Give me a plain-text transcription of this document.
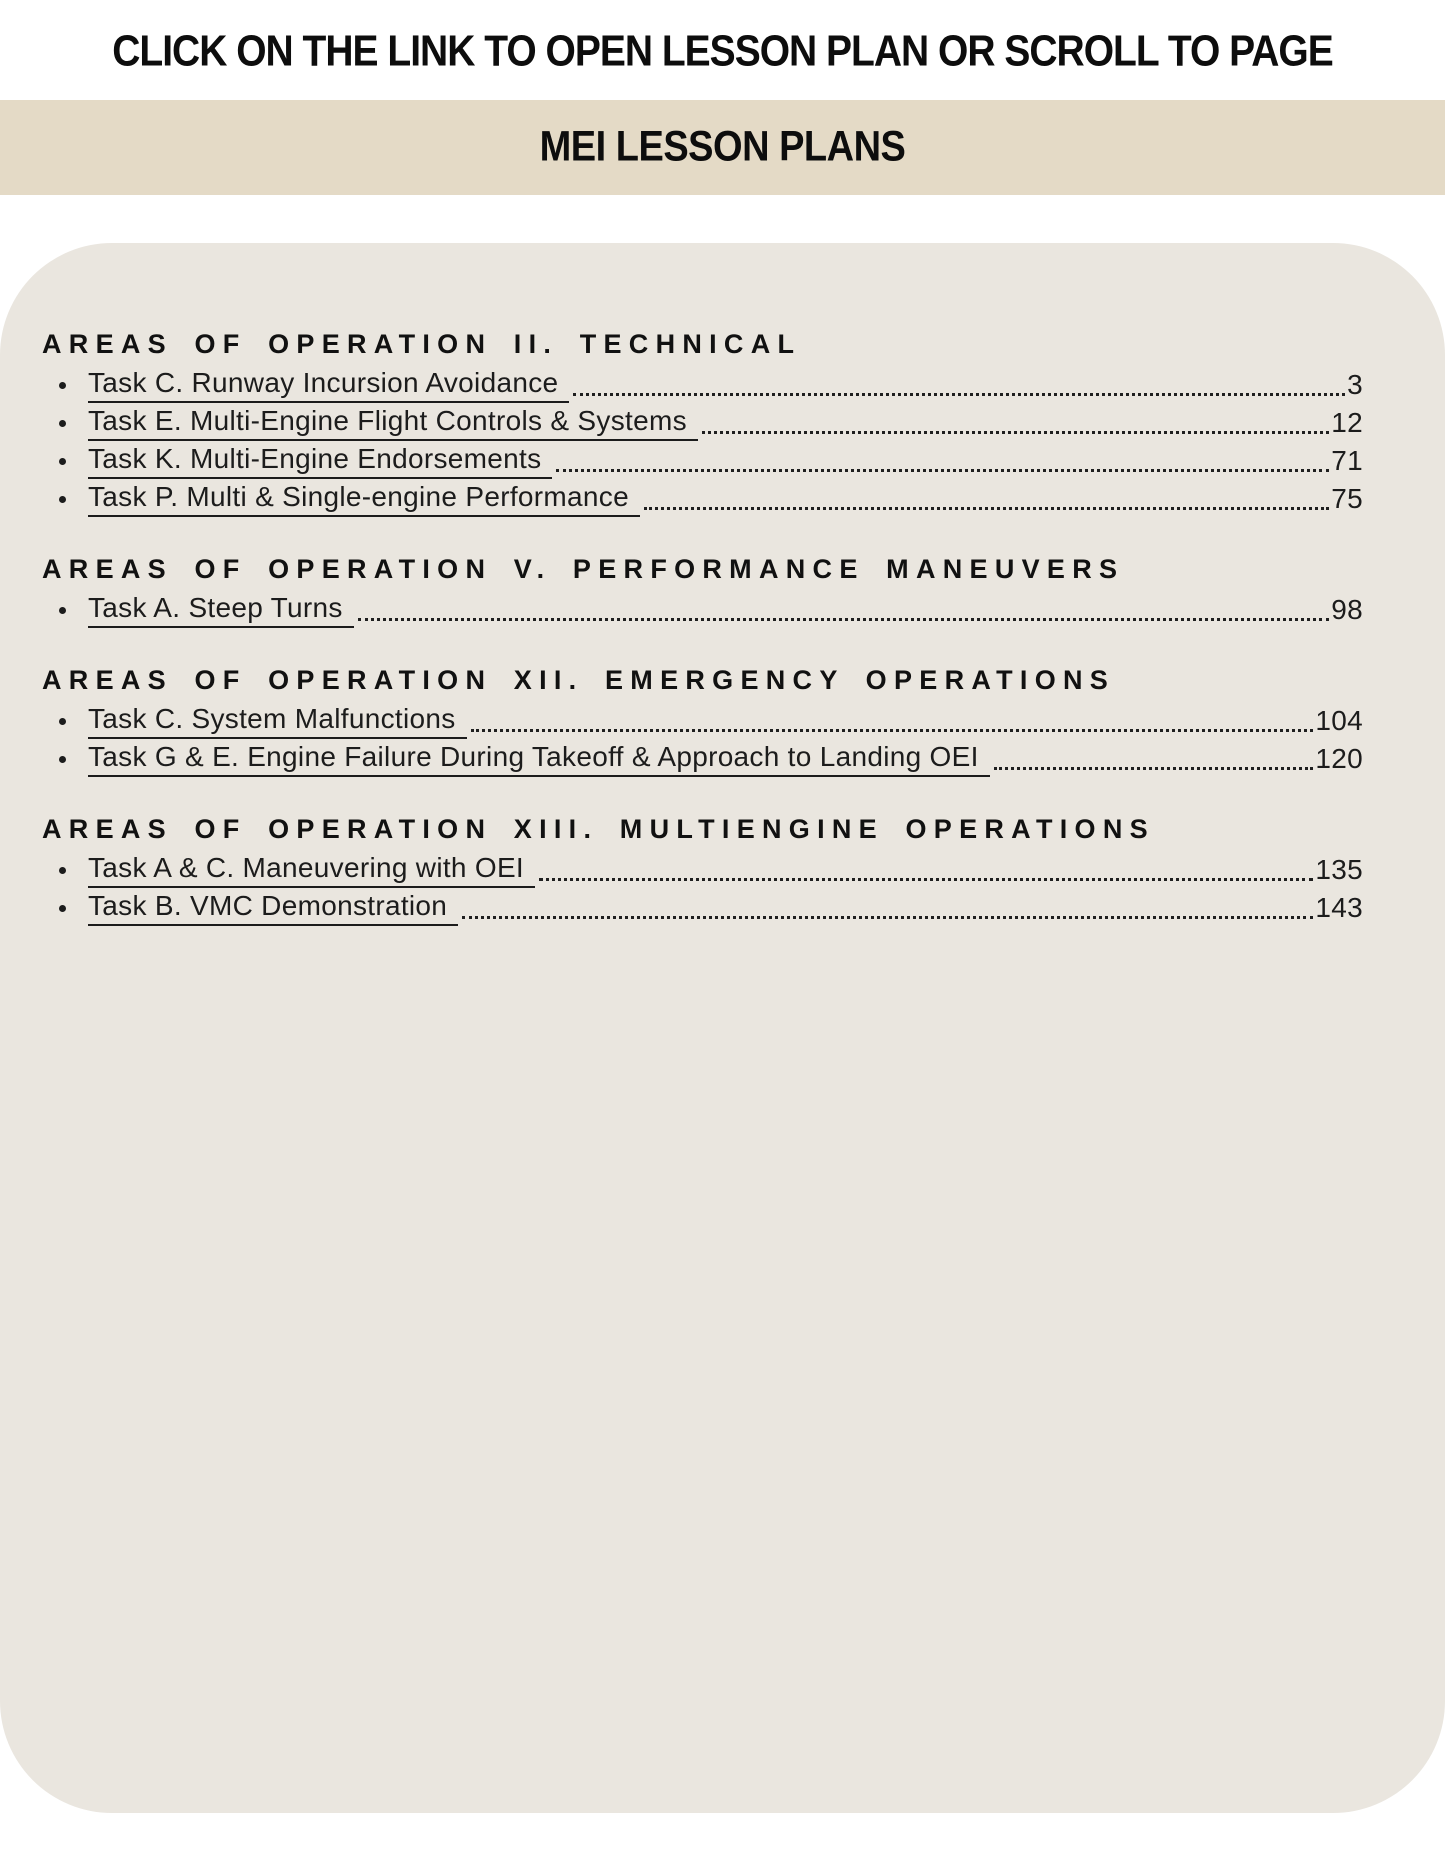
CLICK ON THE LINK TO OPEN LESSON PLAN OR SCROLL TO PAGE
MEI LESSON PLANS
AREAS OF OPERATION II. TECHNICAL
Task C. Runway Incursion Avoidance	3
Task E. Multi-Engine Flight Controls & Systems	12
Task K. Multi-Engine Endorsements	71
Task P. Multi & Single-engine Performance	75
AREAS OF OPERATION V. PERFORMANCE MANEUVERS
Task A. Steep Turns	98
AREAS OF OPERATION XII. EMERGENCY OPERATIONS
Task C. System Malfunctions	104
Task G & E. Engine Failure During Takeoff & Approach to Landing OEI	120
AREAS OF OPERATION XIII. MULTIENGINE OPERATIONS
Task A & C. Maneuvering with OEI	135
Task B. VMC Demonstration	143
